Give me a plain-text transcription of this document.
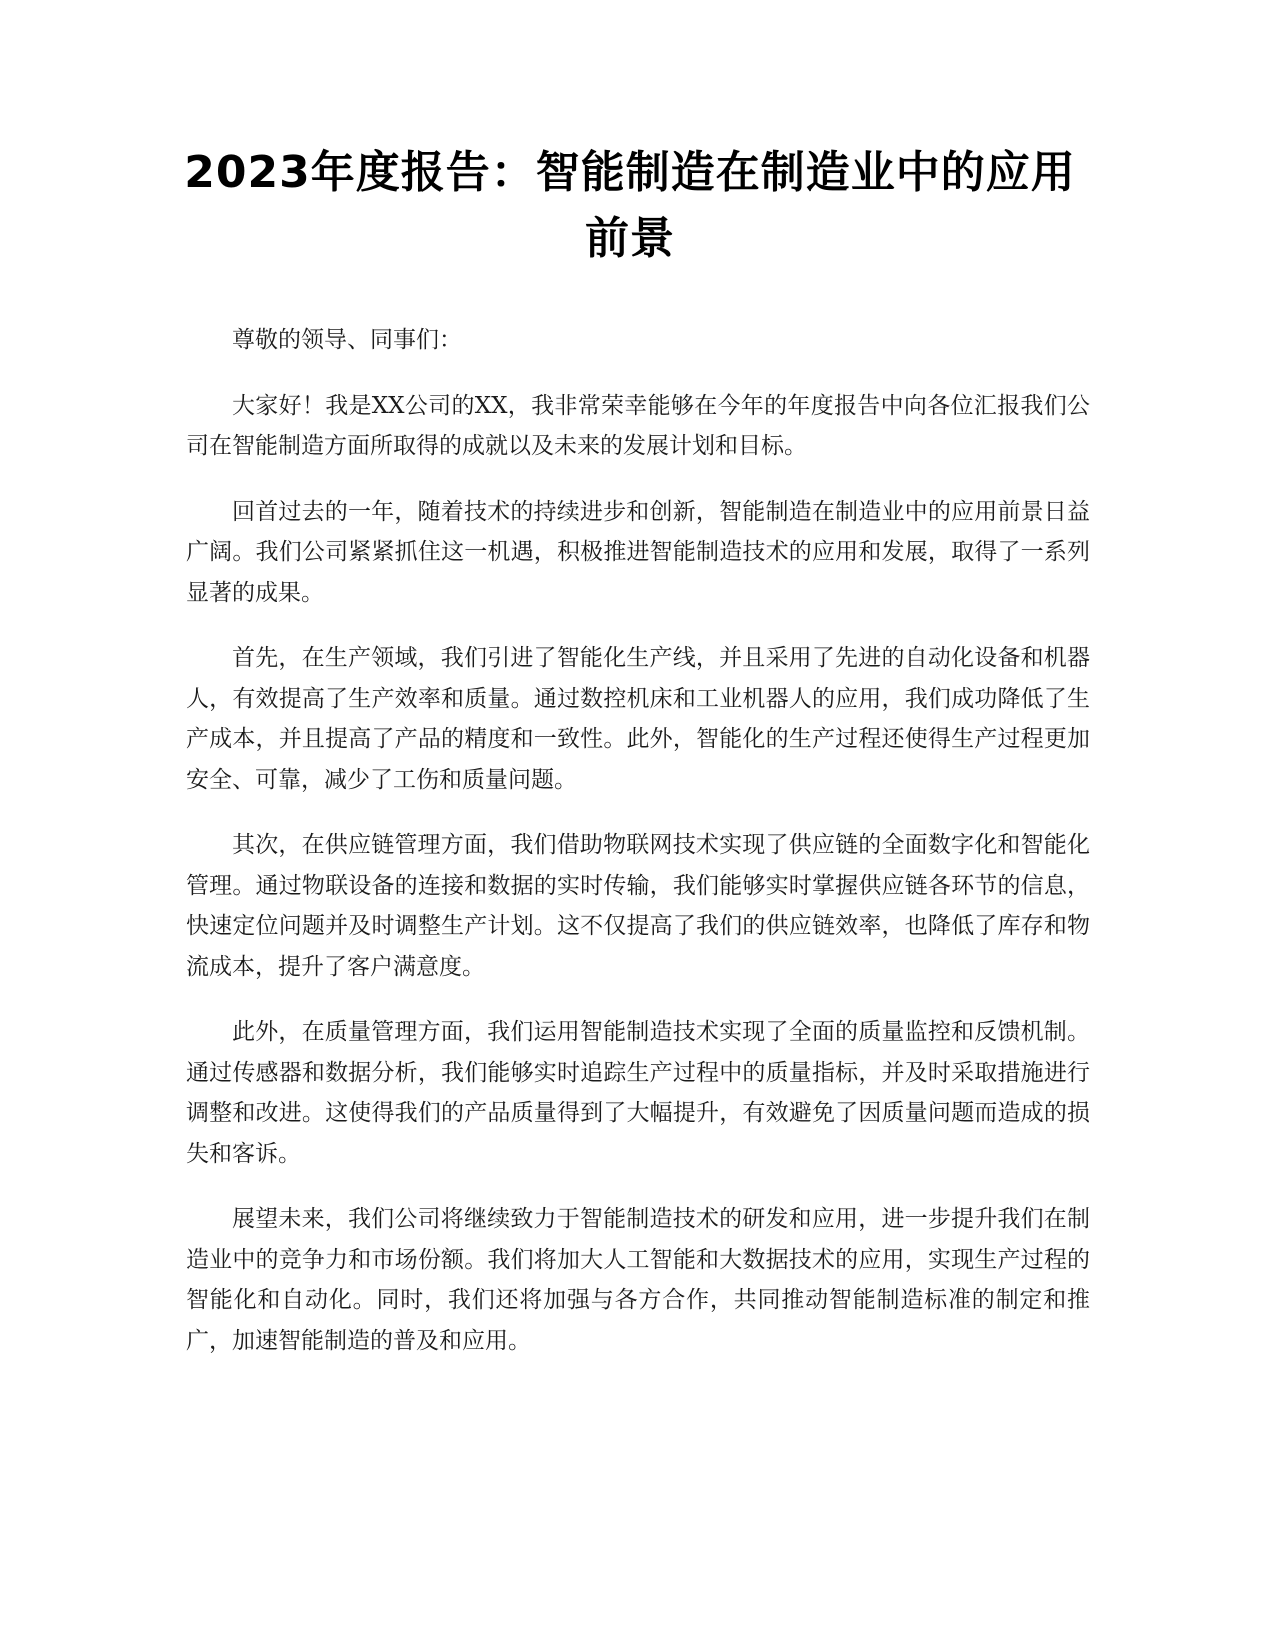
2023年度报告：智能制造在制造业中的应用
前景

尊敬的领导、同事们：

大家好！我是XX公司的XX，我非常荣幸能够在今年的年度报告中向各位汇报我们公司在智能制造方面所取得的成就以及未来的发展计划和目标。

回首过去的一年，随着技术的持续进步和创新，智能制造在制造业中的应用前景日益广阔。我们公司紧紧抓住这一机遇，积极推进智能制造技术的应用和发展，取得了一系列显著的成果。

首先，在生产领域，我们引进了智能化生产线，并且采用了先进的自动化设备和机器人，有效提高了生产效率和质量。通过数控机床和工业机器人的应用，我们成功降低了生产成本，并且提高了产品的精度和一致性。此外，智能化的生产过程还使得生产过程更加安全、可靠，减少了工伤和质量问题。

其次，在供应链管理方面，我们借助物联网技术实现了供应链的全面数字化和智能化管理。通过物联设备的连接和数据的实时传输，我们能够实时掌握供应链各环节的信息，快速定位问题并及时调整生产计划。这不仅提高了我们的供应链效率，也降低了库存和物流成本，提升了客户满意度。

此外，在质量管理方面，我们运用智能制造技术实现了全面的质量监控和反馈机制。通过传感器和数据分析，我们能够实时追踪生产过程中的质量指标，并及时采取措施进行调整和改进。这使得我们的产品质量得到了大幅提升，有效避免了因质量问题而造成的损失和客诉。

展望未来，我们公司将继续致力于智能制造技术的研发和应用，进一步提升我们在制造业中的竞争力和市场份额。我们将加大人工智能和大数据技术的应用，实现生产过程的智能化和自动化。同时，我们还将加强与各方合作，共同推动智能制造标准的制定和推广，加速智能制造的普及和应用。
